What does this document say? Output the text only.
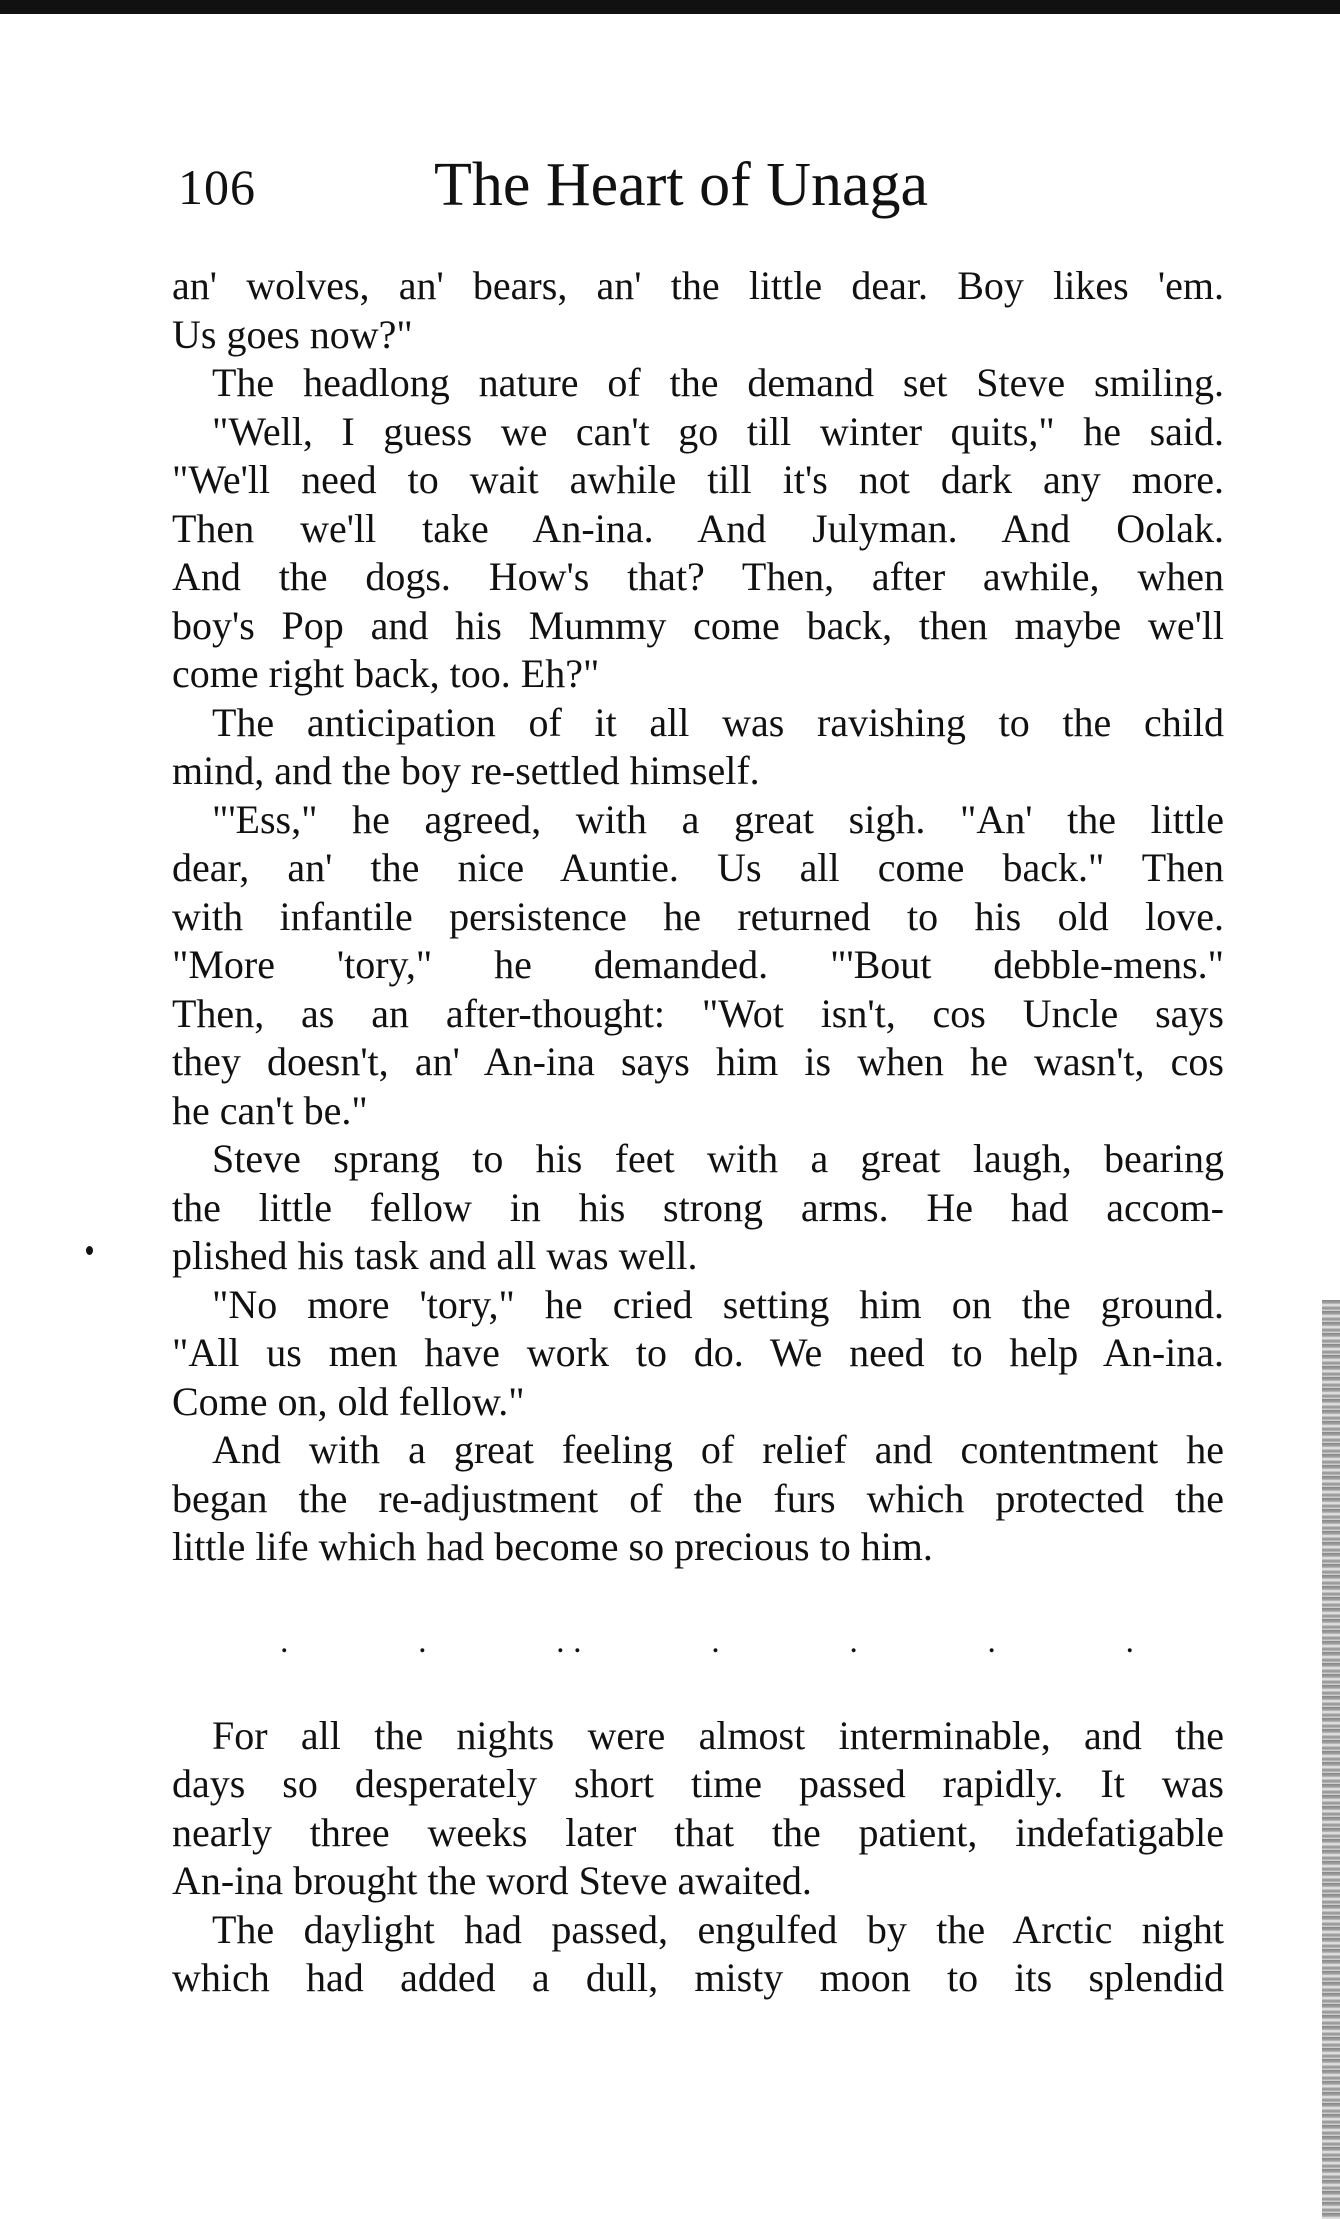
106	The Heart of Unaga
an' wolves, an' bears, an' the little dear. Boy likes 'em.
Us goes now?"
The headlong nature of the demand set Steve smiling.
"Well, I guess we can't go till winter quits," he said.
"We'll need to wait awhile till it's not dark any more.
Then we'll take An-ina. And Julyman. And Oolak.
And the dogs. How's that? Then, after awhile, when
boy's Pop and his Mummy come back, then maybe we'll
come right back, too. Eh?"
The anticipation of it all was ravishing to the child
mind, and the boy re-settled himself.
"'Ess," he agreed, with a great sigh. "An' the little
dear, an' the nice Auntie. Us all come back." Then
with infantile persistence he returned to his old love.
"More 'tory," he demanded. "'Bout debble-mens."
Then, as an after-thought: "Wot isn't, cos Uncle says
they doesn't, an' An-ina says him is when he wasn't, cos
he can't be."
Steve sprang to his feet with a great laugh, bearing
the little fellow in his strong arms. He had accom-
plished his task and all was well.
"No more 'tory," he cried setting him on the ground.
"All us men have work to do. We need to help An-ina.
Come on, old fellow."
And with a great feeling of relief and contentment he
began the re-adjustment of the furs which protected the
little life which had become so precious to him.
.	.	. .	.	.	.	.
For all the nights were almost interminable, and the
days so desperately short time passed rapidly. It was
nearly three weeks later that the patient, indefatigable
An-ina brought the word Steve awaited.
The daylight had passed, engulfed by the Arctic night
which had added a dull, misty moon to its splendid
